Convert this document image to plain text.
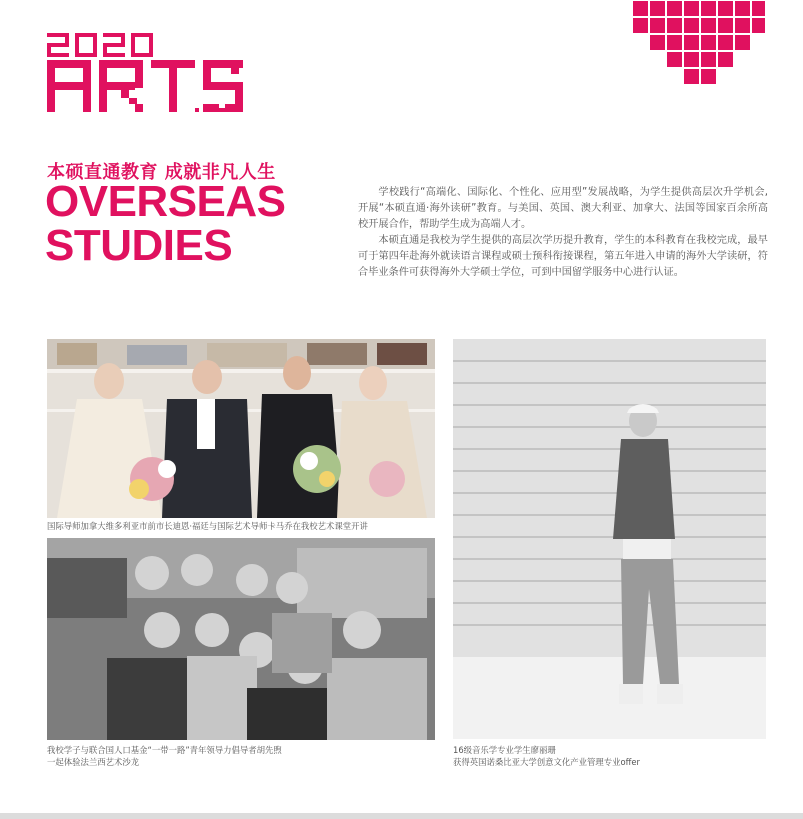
本硕直通教育 成就非凡人生
OVERSEAS
STUDIES

学校践行“高端化、国际化、个性化、应用型”发展战略，为学生提供高层次升学机会,开展“本硕直通·海外读研”教育。与美国、英国、澳大利亚、加拿大、法国等国家百余所高校开展合作，帮助学生成为高端人才。

本硕直通是我校为学生提供的高层次学历提升教育，学生的本科教育在我校完成，最早可于第四年赴海外就读语言课程或硕士预科衔接课程，第五年进入申请的海外大学读研，符合毕业条件可获得海外大学硕士学位，可到中国留学服务中心进行认证。

国际导师加拿大维多利亚市前市长迪恩·福廷与国际艺术导师卡马乔在我校艺术课堂开讲
我校学子与联合国人口基金“一带一路”青年领导力倡导者胡先煦
一起体验法兰西艺术沙龙
16级音乐学专业学生廖丽珊
获得英国诺桑比亚大学创意文化产业管理专业offer
